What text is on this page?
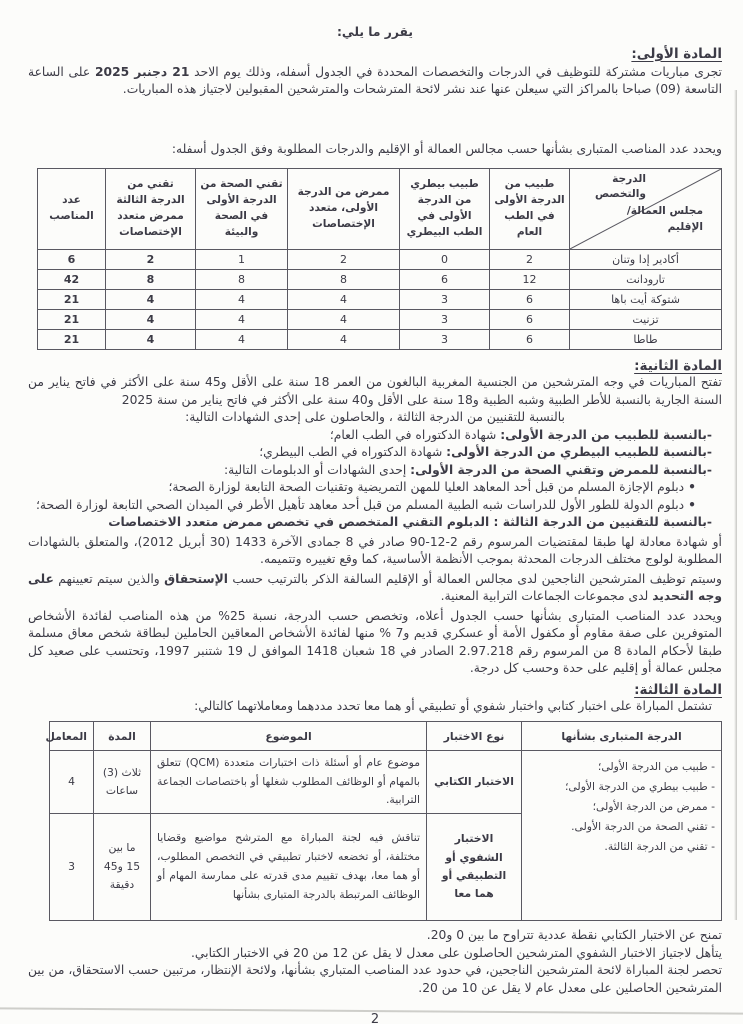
يقرر ما يلي:
المادة الأولى:

تجرى مباريات مشتركة للتوظيف في الدرجات والتخصصات المحددة في الجدول أسفله، وذلك يوم الاحد 21 دجنبر 2025 على الساعة التاسعة (09) صباحا بالمراكز التي سيعلن عنها عند نشر لائحة المترشحات والمترشحين المقبولين لاجتياز هذه المباريات.

ويحدد عدد المناصب المتبارى بشأنها حسب مجالس العمالة أو الإقليم والدرجات المطلوبة وفق الجدول أسفله:

الدرجة والتخصص
مجلس العمالة/ الإقليم	طبيب من الدرجة الأولى في الطب العام	طبيب بيطري من الدرجة الأولى في الطب البيطري	ممرض من الدرجة الأولى، متعدد الإختصاصات	تقني الصحة من الدرجة الأولى في الصحة والبيئة	تقني من الدرجة الثالثة ممرض متعدد الإختصاصات	عدد المناصب
أكادير إدا وتنان	2	0	2	1	2	6
تارودانت	12	6	8	8	8	42
شتوكة أيت باها	6	3	4	4	4	21
تزنيت	6	3	4	4	4	21
طاطا	6	3	4	4	4	21
المادة الثانية:

تفتح المباريات في وجه المترشحين من الجنسية المغربية البالغون من العمر 18 سنة على الأقل و45 سنة على الأكثر في فاتح يناير من السنة الجارية بالنسبة للأطر الطبية وشبه الطبية و18 سنة على الأقل و40 سنة على الأكثر في فاتح يناير من سنة 2025

بالنسبة للتقنيين من الدرجة الثالثة ، والحاصلون على إحدى الشهادات التالية:

-بالنسبة للطبيب من الدرجة الأولى: شهادة الدكتوراه في الطب العام؛

-بالنسبة للطبيب البيطري من الدرجة الأولى: شهادة الدكتوراه في الطب البيطري؛

-بالنسبة للممرض وتقني الصحة من الدرجة الأولى: إحدى الشهادات أو الدبلومات التالية:

•دبلوم الإجازة المسلم من قبل أحد المعاهد العليا للمهن التمريضية وتقنيات الصحة التابعة لوزارة الصحة؛

•دبلوم الدولة للطور الأول للدراسات شبه الطبية المسلم من قبل أحد معاهد تأهيل الأطر في الميدان الصحي التابعة لوزارة الصحة؛

-بالنسبة للتقنيين من الدرجة الثالثة : الدبلوم التقني المتخصص في تخصص ممرض متعدد الاختصاصات

أو شهادة معادلة لها طبقا لمقتضيات المرسوم رقم 2-12-90 صادر في 8 جمادى الآخرة 1433 (30 أبريل 2012)، والمتعلق بالشهادات المطلوبة لولوج مختلف الدرجات المحدثة بموجب الأنظمة الأساسية، كما وقع تغييره وتتميمه.

وسيتم توظيف المترشحين الناجحين لدى مجالس العمالة أو الإقليم السالفة الذكر بالترتيب حسب الإستحقاق والذين سيتم تعيينهم على وجه التحديد لدى مجموعات الجماعات الترابية المعنية.

ويحدد عدد المناصب المتبارى بشأنها حسب الجدول أعلاه، وتخصص حسب الدرجة، نسبة 25% من هذه المناصب لفائدة الأشخاص المتوفرين على صفة مقاوم أو مكفول الأمة أو عسكري قديم و7 % منها لفائدة الأشخاص المعاقين الحاملين لبطاقة شخص معاق مسلمة طبقا لأحكام المادة 8 من المرسوم رقم 2.97.218 الصادر في 18 شعبان 1418 الموافق ل 19 شتنبر 1997، وتحتسب على صعيد كل مجلس عمالة أو إقليم على حدة وحسب كل درجة.

المادة الثالثة:

تشتمل المباراة على اختبار كتابي واختبار شفوي أو تطبيقي أو هما معا تحدد مددهما ومعاملاتهما كالتالي:

الدرجة المتبارى بشأنها	نوع الاختبار	الموضوع	المدة	المعامل

- طبيب من الدرجة الأولى؛
- طبيب بيطري من الدرجة الأولى؛
- ممرض من الدرجة الأولى؛
- تقني الصحة من الدرجة الأولى.
- تقني من الدرجة الثالثة.	الاختبار الكتابي	موضوع عام أو أسئلة ذات اختبارات متعددة (QCM) تتعلق بالمهام أو الوظائف المطلوب شغلها أو باختصاصات الجماعة الترابية.	ثلاث (3) ساعات	4
	الاختبار الشفوي أو التطبيقي أو هما معا	تناقش فيه لجنة المباراة مع المترشح مواضيع وقضايا مختلفة، أو تخضعه لاختبار تطبيقي في التخصص المطلوب، أو هما معا، بهدف تقييم مدى قدرته على ممارسة المهام أو الوظائف المرتبطة بالدرجة المتبارى بشأنها	ما بين 15 و45 دقيقة	3

تمنح عن الاختبار الكتابي نقطة عددية تتراوح ما بين 0 و20.

يتأهل لاجتياز الاختبار الشفوي المترشحين الحاصلون على معدل لا يقل عن 12 من 20 في الاختبار الكتابي.

تحصر لجنة المباراة لائحة المترشحين الناجحين، في حدود عدد المناصب المتباري بشأنها، ولائحة الإنتظار، مرتبين حسب الاستحقاق، من بين المترشحين الحاصلين على معدل عام لا يقل عن 10 من 20.

2
